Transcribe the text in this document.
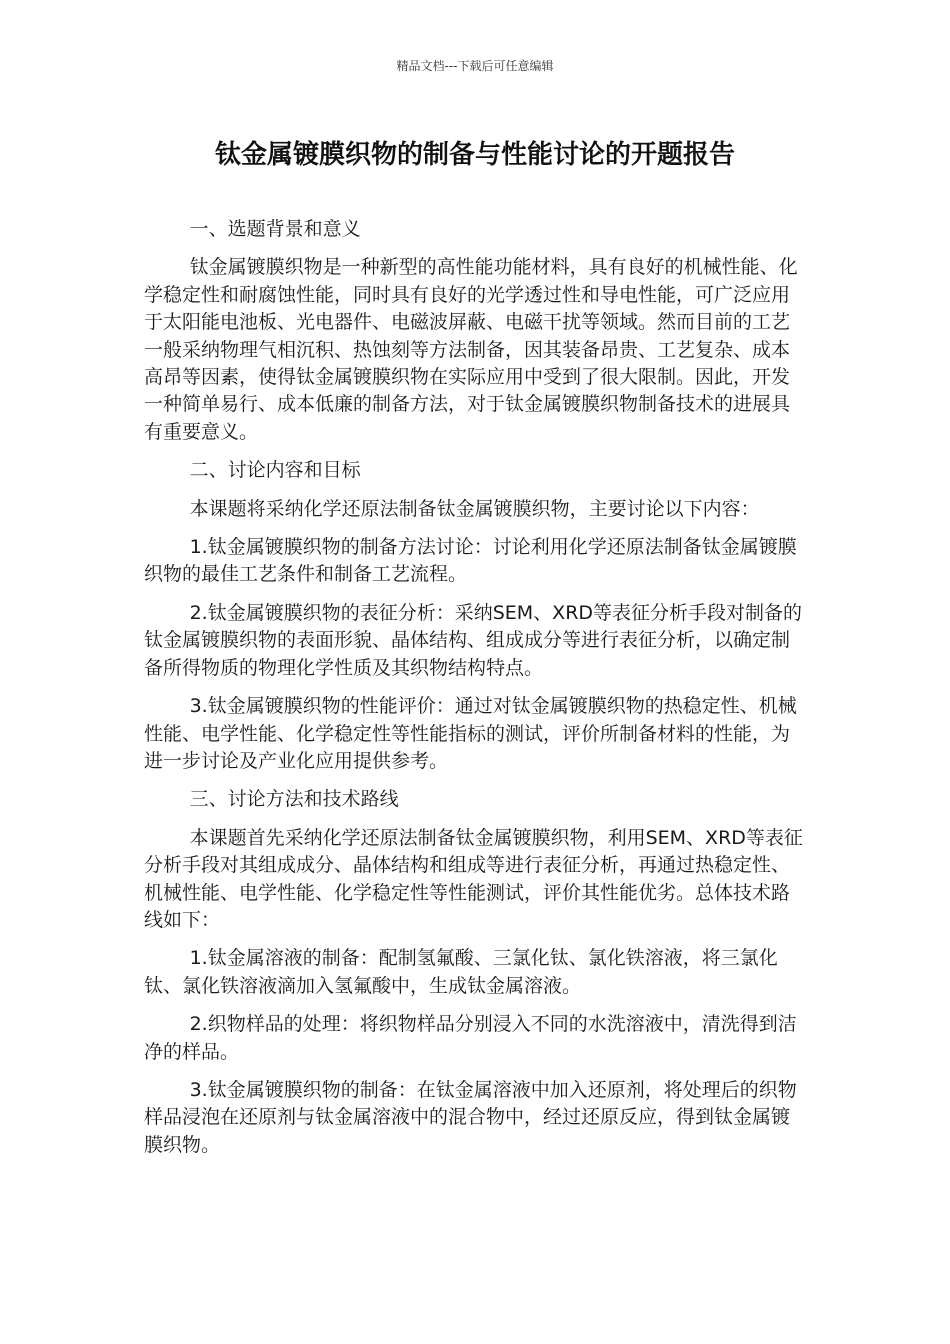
精品文档---下载后可任意编辑
钛金属镀膜织物的制备与性能讨论的开题报告

一、选题背景和意义

钛金属镀膜织物是一种新型的高性能功能材料，具有良好的机械性能、化学稳定性和耐腐蚀性能，同时具有良好的光学透过性和导电性能，可广泛应用于太阳能电池板、光电器件、电磁波屏蔽、电磁干扰等领域。然而目前的工艺一般采纳物理气相沉积、热蚀刻等方法制备，因其装备昂贵、工艺复杂、成本高昂等因素，使得钛金属镀膜织物在实际应用中受到了很大限制。因此，开发一种简单易行、成本低廉的制备方法，对于钛金属镀膜织物制备技术的进展具有重要意义。

二、讨论内容和目标

本课题将采纳化学还原法制备钛金属镀膜织物，主要讨论以下内容：

1.钛金属镀膜织物的制备方法讨论：讨论利用化学还原法制备钛金属镀膜织物的最佳工艺条件和制备工艺流程。

2.钛金属镀膜织物的表征分析：采纳SEM、XRD等表征分析手段对制备的钛金属镀膜织物的表面形貌、晶体结构、组成成分等进行表征分析，以确定制备所得物质的物理化学性质及其织物结构特点。

3.钛金属镀膜织物的性能评价：通过对钛金属镀膜织物的热稳定性、机械性能、电学性能、化学稳定性等性能指标的测试，评价所制备材料的性能，为进一步讨论及产业化应用提供参考。

三、讨论方法和技术路线

本课题首先采纳化学还原法制备钛金属镀膜织物，利用SEM、XRD等表征分析手段对其组成成分、晶体结构和组成等进行表征分析，再通过热稳定性、机械性能、电学性能、化学稳定性等性能测试，评价其性能优劣。总体技术路线如下：

1.钛金属溶液的制备：配制氢氟酸、三氯化钛、氯化铁溶液，将三氯化钛、氯化铁溶液滴加入氢氟酸中，生成钛金属溶液。

2.织物样品的处理：将织物样品分别浸入不同的水洗溶液中，清洗得到洁净的样品。

3.钛金属镀膜织物的制备：在钛金属溶液中加入还原剂，将处理后的织物样品浸泡在还原剂与钛金属溶液中的混合物中，经过还原反应，得到钛金属镀膜织物。
